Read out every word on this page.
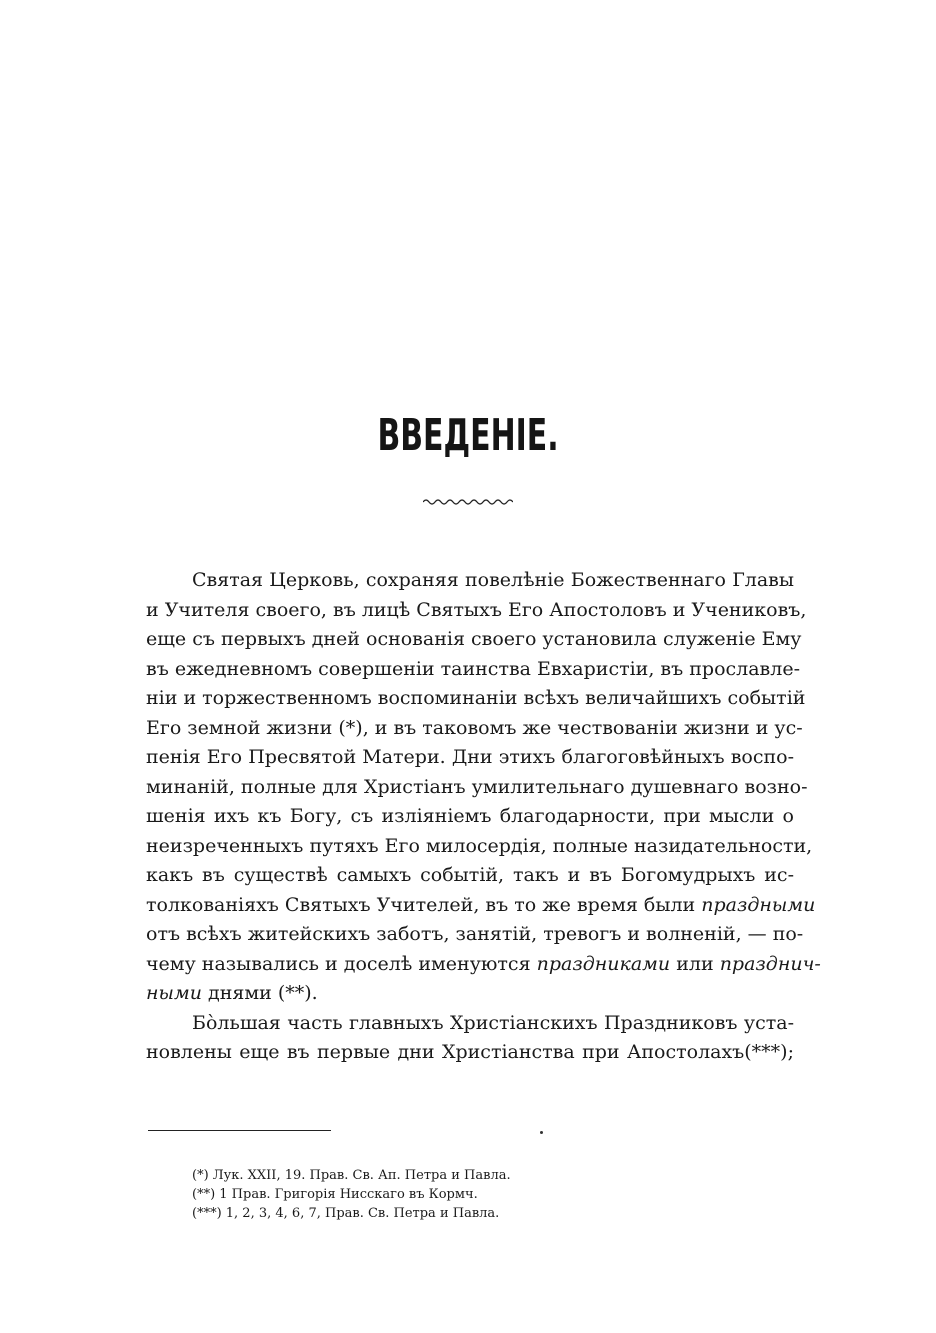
ВВЕДЕНІЕ.
Святая Церковь, сохраняя повелѣніе Божественнаго Главы
и Учителя своего, въ лицѣ Святыхъ Его Апостоловъ и Учениковъ,
еще съ первыхъ дней основанія своего установила служеніе Ему
въ ежедневномъ совершеніи таинства Евхаристіи, въ прославле-
ніи и торжественномъ воспоминаніи всѣхъ величайшихъ событій
Его земной жизни (*), и въ таковомъ же чествованіи жизни и ус-
пенія Его Пресвятой Матери. Дни этихъ благоговѣйныхъ воспо-
минаній, полные для Христіанъ умилительнаго душевнаго возно-
шенія ихъ къ Богу, съ изліяніемъ благодарности, при мысли о
неизреченныхъ путяхъ Его милосердія, полные назидательности,
какъ въ существѣ самыхъ событій, такъ и въ Богомудрыхъ ис-
толкованіяхъ Святыхъ Учителей, въ то же время были праздными
отъ всѣхъ житейскихъ заботъ, занятій, тревогъ и волненій, — по-
чему назывались и доселѣ именуются праздниками или празднич-
ными днями (**).
Бо̀льшая часть главныхъ Христіанскихъ Праздниковъ уста-
новлены еще въ первые дни Христіанства при Апостолахъ(***);
(*) Лук. XXII, 19. Прав. Св. Ап. Петра и Павла.
(**) 1 Прав. Григорія Нисскаго въ Кормч.
(***) 1, 2, 3, 4, 6, 7, Прав. Св. Петра и Павла.
